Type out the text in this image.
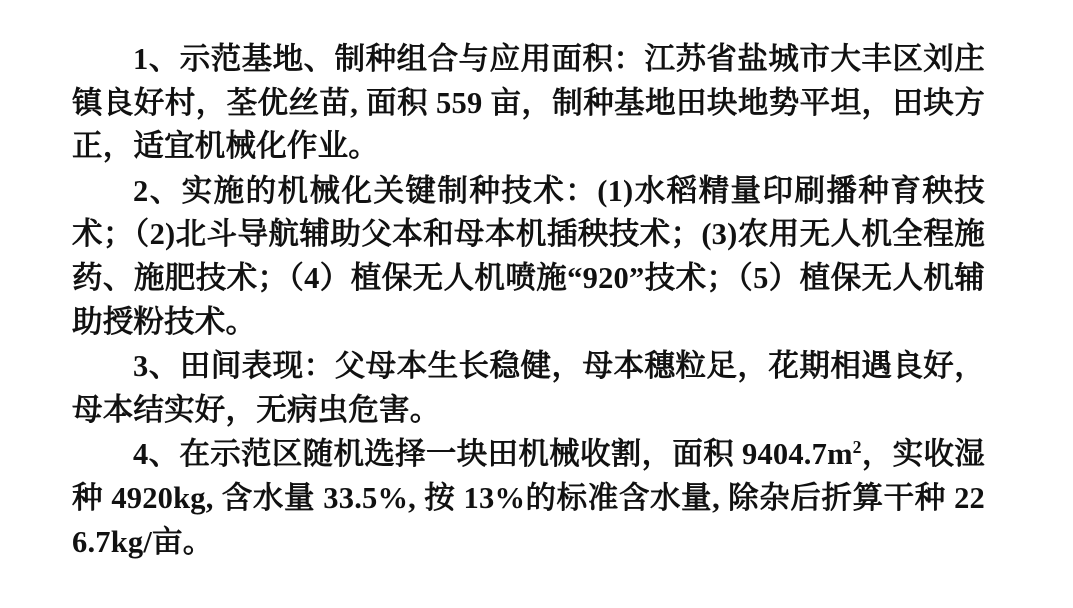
1、示范基地、制种组合与应用面积：江苏省盐城市大丰区刘庄镇良好村，荃优丝苗, 面积 559 亩，制种基地田块地势平坦，田块方正，适宜机械化作业。

2、实施的机械化关键制种技术：(1)水稻精量印刷播种育秧技术；（2)北斗导航辅助父本和母本机插秧技术；(3)农用无人机全程施药、施肥技术；（4）植保无人机喷施“920”技术；（5）植保无人机辅助授粉技术。

3、田间表现：父母本生长稳健，母本穗粒足，花期相遇良好，母本结实好，无病虫危害。

4、在示范区随机选择一块田机械收割，面积 $9404.7m^2$，实收湿种 4920kg, 含水量 33.5%, 按 13%的标准含水量, 除杂后折算干种 226.7kg/亩。
